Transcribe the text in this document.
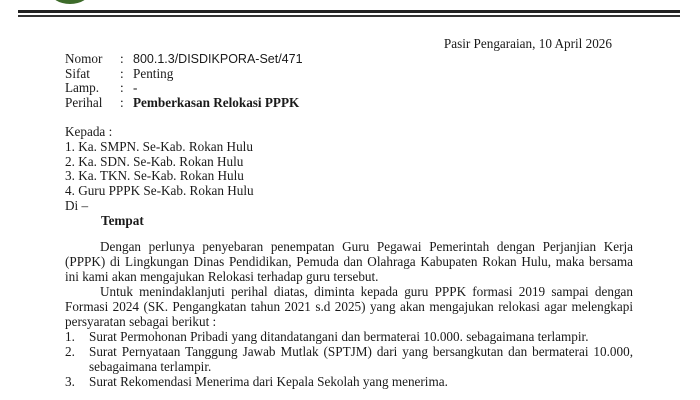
Pasir Pengaraian, 10 April 2026
Nomor	: 800.1.3/DISDIKPORA-Set/471
Sifat	: Penting
Lamp.	: -
Perihal	: Pemberkasan Relokasi PPPK
Kepada :
1. Ka. SMPN. Se-Kab. Rokan Hulu
2. Ka. SDN. Se-Kab. Rokan Hulu
3. Ka. TKN. Se-Kab. Rokan Hulu
4. Guru PPPK Se-Kab. Rokan Hulu
Di –
Tempat
Dengan perlunya penyebaran penempatan Guru Pegawai Pemerintah dengan Perjanjian Kerja (PPPK) di Lingkungan Dinas Pendidikan, Pemuda dan Olahraga Kabupaten Rokan Hulu, maka bersama ini kami akan mengajukan Relokasi terhadap guru tersebut.
Untuk menindaklanjuti perihal diatas, diminta kepada guru PPPK formasi 2019 sampai dengan Formasi 2024 (SK. Pengangkatan tahun 2021 s.d 2025) yang akan mengajukan relokasi agar melengkapi persyaratan sebagai berikut :
1.	Surat Permohonan Pribadi yang ditandatangani dan bermaterai 10.000. sebagaimana terlampir.
2.	Surat Pernyataan Tanggung Jawab Mutlak (SPTJM) dari yang bersangkutan dan bermaterai 10.000, sebagaimana terlampir.
3.	Surat Rekomendasi Menerima dari Kepala Sekolah yang menerima.
